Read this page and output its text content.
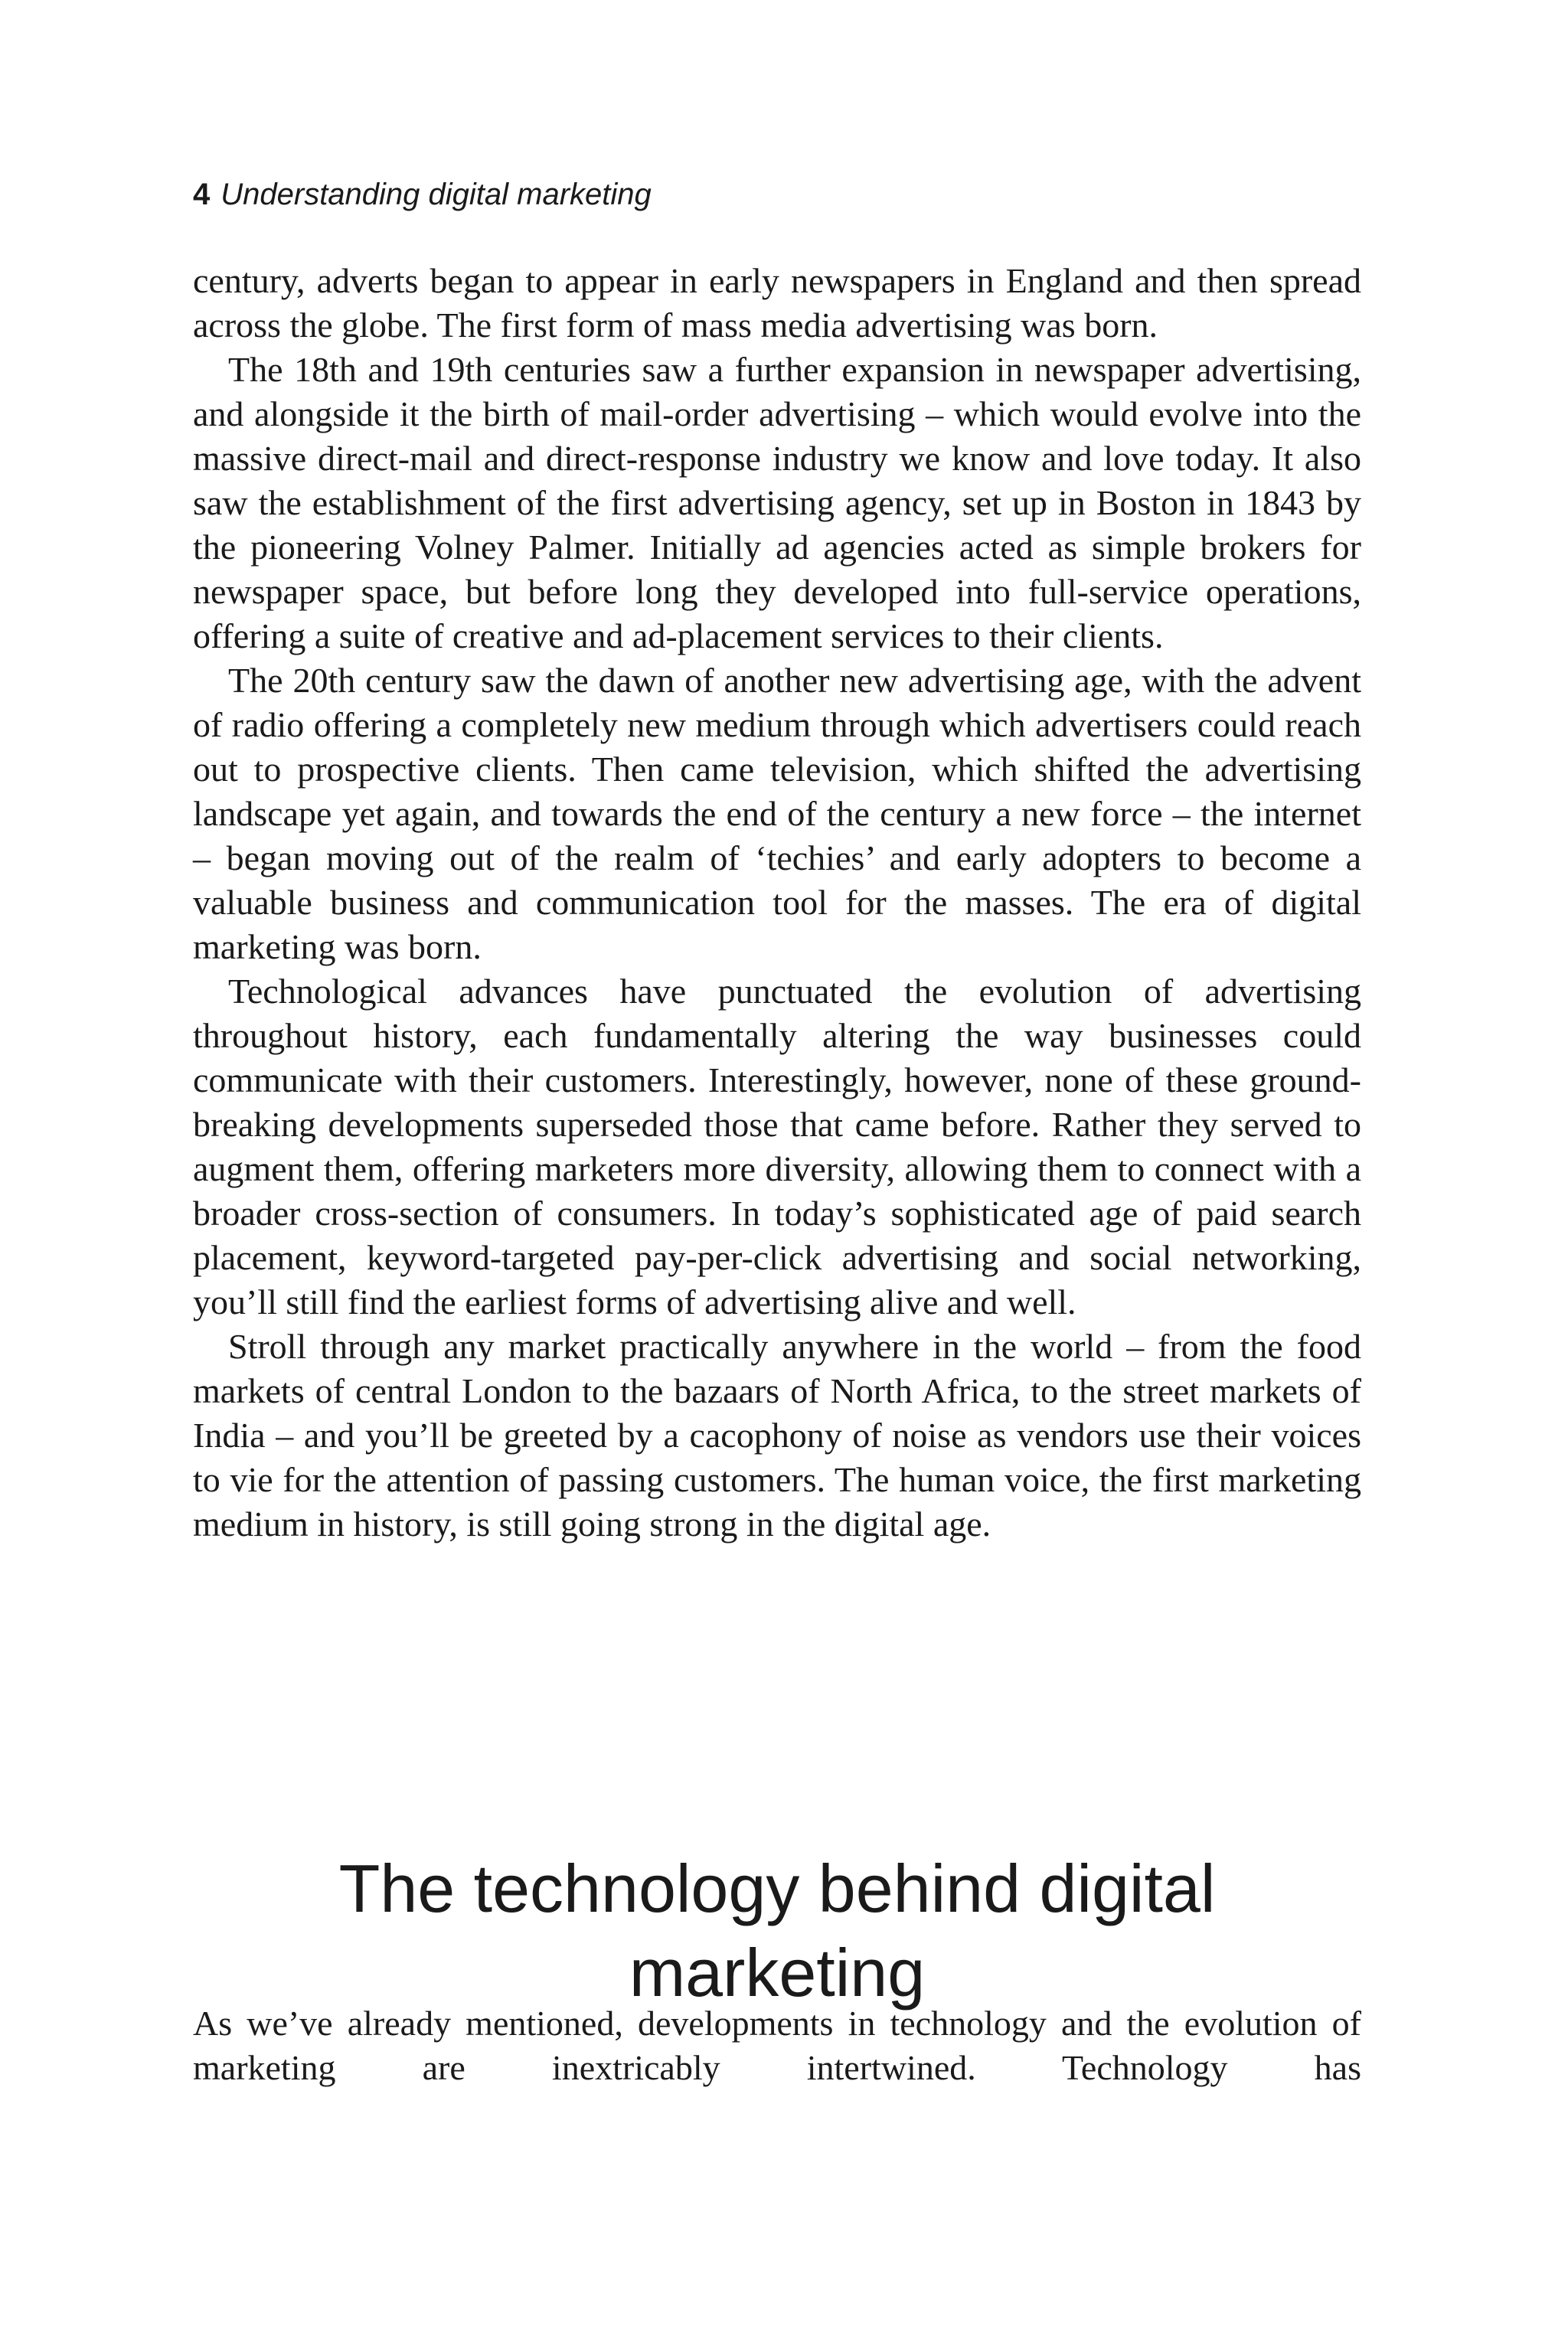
4 Understanding digital marketing

century, adverts began to appear in early newspapers in England and then spread across the globe. The first form of mass media advertising was born.

The 18th and 19th centuries saw a further expansion in newspaper advertising, and alongside it the birth of mail-order advertising – which would evolve into the massive direct-mail and direct-response industry we know and love today. It also saw the establishment of the first advertising agency, set up in Boston in 1843 by the pioneering Volney Palmer. Initially ad agencies acted as simple brokers for newspaper space, but before long they developed into full-service operations, offering a suite of creative and ad-placement services to their clients.

The 20th century saw the dawn of another new advertising age, with the advent of radio offering a completely new medium through which advertisers could reach out to prospective clients. Then came television, which shifted the advertising landscape yet again, and towards the end of the century a new force – the internet – began moving out of the realm of ‘techies’ and early adopters to become a valuable business and communication tool for the masses. The era of digital marketing was born.

Technological advances have punctuated the evolution of advertising throughout history, each fundamentally altering the way businesses could communicate with their customers. Interestingly, however, none of these ground-breaking developments superseded those that came before. Rather they served to augment them, offering marketers more diversity, allowing them to connect with a broader cross-section of consumers. In today’s sophisticated age of paid search placement, keyword-targeted pay-per-click advertising and social networking, you’ll still find the earliest forms of advertising alive and well.

Stroll through any market practically anywhere in the world – from the food markets of central London to the bazaars of North Africa, to the street markets of India – and you’ll be greeted by a cacophony of noise as vendors use their voices to vie for the attention of passing customers. The human voice, the first marketing medium in history, is still going strong in the digital age.

The technology behind digital marketing

As we’ve already mentioned, developments in technology and the evolution of marketing are inextricably intertwined. Technology has
